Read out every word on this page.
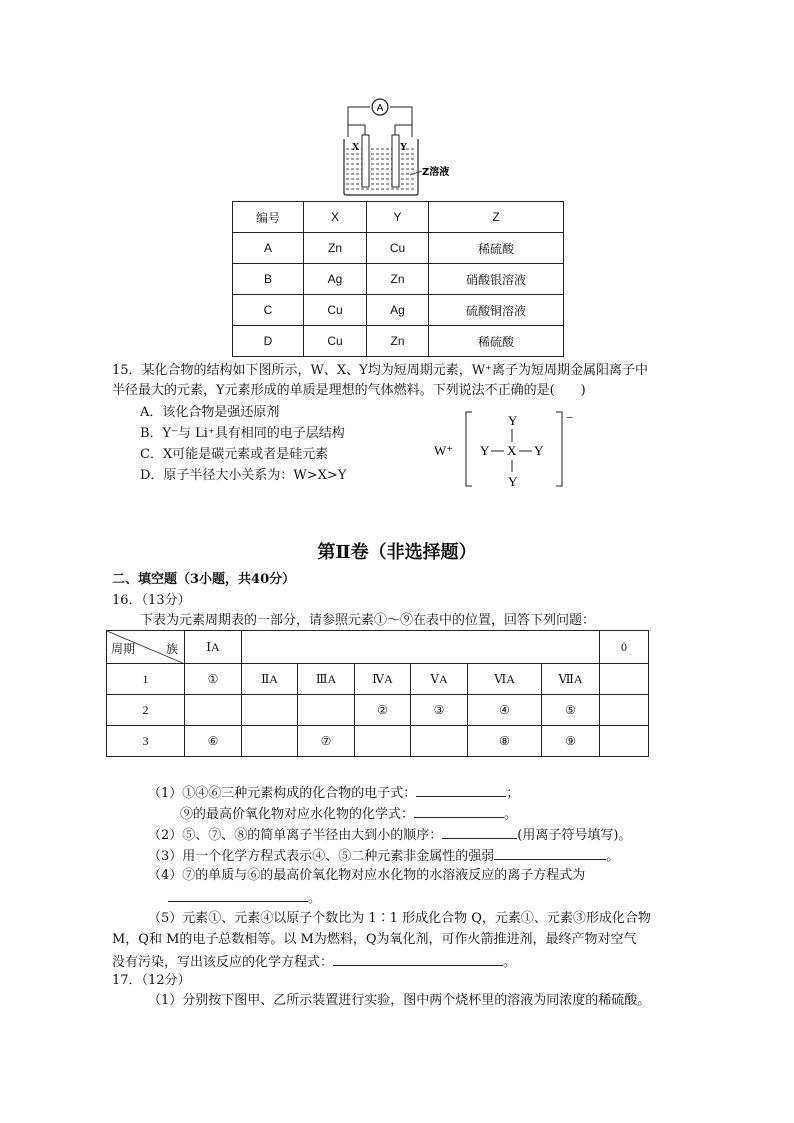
A
X	Y
Z溶液
编号	X	Y	Z
A	Zn	Cu	稀硫酸
B	Ag	Zn	硝酸银溶液
C	Cu	Ag	硫酸铜溶液
D	Cu	Zn	稀硫酸
15．某化合物的结构如下图所示，W、X、Y均为短周期元素，W⁺离子为短周期金属阳离子中
半径最大的元素，Y元素形成的单质是理想的气体燃料。下列说法不正确的是(　　)
A．该化合物是强还原剂
B．Y⁻与 Li⁺具有相同的电子层结构
C．X可能是碳元素或者是硅元素
D．原子半径大小关系为：W>X>Y
W⁺
−
Y
Y X Y
Y
第Ⅱ卷（非选择题）
二、填空题（3小题，共40分）
16．（13分）
下表为元素周期表的一部分，请参照元素①～⑨在表中的位置，回答下列问题：
周期 族	ⅠA							0
1	①	ⅡA	ⅢA	ⅣA	ⅤA	ⅥA	ⅦA	
2				②	③	④	⑤	
3	⑥		⑦			⑧	⑨	
（1）①④⑥三种元素构成的化合物的电子式：	；
⑨的最高价氧化物对应水化物的化学式：	。
（2）⑤、⑦、⑧的简单离子半径由大到小的顺序：	(用离子符号填写)。
（3）用一个化学方程式表示④、⑤二种元素非金属性的强弱	。
（4）⑦的单质与⑥的最高价氧化物对应水化物的水溶液反应的离子方程式为
。
（5）元素①、元素④以原子个数比为 1∶1 形成化合物 Q，元素①、元素③形成化合物
M，Q和 M的电子总数相等。以 M为燃料，Q为氧化剂，可作火箭推进剂，最终产物对空气
没有污染，写出该反应的化学方程式：	。
17．（12分）
（1）分别按下图甲、乙所示装置进行实验，图中两个烧杯里的溶液为同浓度的稀硫酸。
